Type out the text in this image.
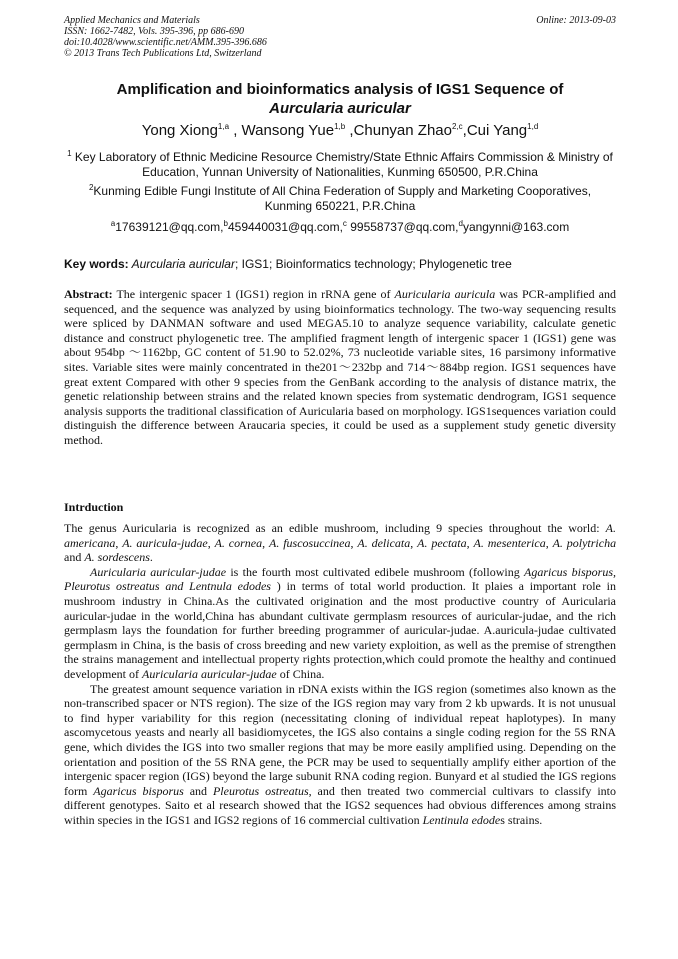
Applied Mechanics and Materials
ISSN: 1662-7482, Vols. 395-396, pp 686-690
doi:10.4028/www.scientific.net/AMM.395-396.686
© 2013 Trans Tech Publications Ltd, Switzerland
Online: 2013-09-03
Amplification and bioinformatics analysis of IGS1 Sequence of
Aurcularia auricular
Yong Xiong$^{1,a}$ , Wansong Yue$^{1,b}$ ,Chunyan Zhao$^{2,c}$,Cui Yang$^{1,d}$
$^1$ Key Laboratory of Ethnic Medicine Resource Chemistry/State Ethnic Affairs Commission & Ministry of Education, Yunnan University of Nationalities, Kunming 650500, P.R.China
$^2$Kunming Edible Fungi Institute of All China Federation of Supply and Marketing Cooporatives, Kunming 650221, P.R.China
$^a$17639121@qq.com,$^b$459440031@qq.com,$^c$ 99558737@qq.com,$^d$yangynni@163.com
Key words: Aurcularia auricular; IGS1; Bioinformatics technology; Phylogenetic tree

Abstract: The intergenic spacer 1 (IGS1) region in rRNA gene of Auricularia auricula was PCR-amplified and sequenced, and the sequence was analyzed by using bioinformatics technology. The two-way sequencing results were spliced by DANMAN software and used MEGA5.10 to analyze sequence variability, calculate genetic distance and construct phylogenetic tree. The amplified fragment length of intergenic spacer 1 (IGS1) gene was about 954bp ～1162bp, GC content of 51.90 to 52.02%, 73 nucleotide variable sites, 16 parsimony informative sites. Variable sites were mainly concentrated in the201～232bp and 714～884bp region. IGS1 sequences have great extent Compared with other 9 species from the GenBank according to the analysis of distance matrix, the genetic relationship between strains and the related known species from systematic dendrogram, IGS1 sequence analysis supports the traditional classification of Auricularia based on morphology. IGS1sequences variation could distinguish the difference between Araucaria species, it could be used as a supplement study genetic diversity method.

Intrduction

The genus Auricularia is recognized as an edible mushroom, including 9 species throughout the world: A. americana, A. auricula-judae, A. cornea, A. fuscosuccinea, A. delicata, A. pectata, A. mesenterica, A. polytricha and A. sordescens.

Auricularia auricular-judae is the fourth most cultivated edibele mushroom (following Agaricus bisporus, Pleurotus ostreatus and Lentnula edodes ) in terms of total world production. It plaies a important role in mushroom industry in China.As the cultivated origination and the most productive country of Auricularia auricular-judae in the world,China has abundant cultivate germplasm resources of auricular-judae, and the rich germplasm lays the foundation for further breeding programmer of auricular-judae. A.auricula-judae cultivated germplasm in China, is the basis of cross breeding and new variety exploition, as well as the premise of strengthen the strains management and intellectual property rights protection,which could promote the healthy and continued development of Auricularia auricular-judae of China.

The greatest amount sequence variation in rDNA exists within the IGS region (sometimes also known as the non-transcribed spacer or NTS region). The size of the IGS region may vary from 2 kb upwards. It is not unusual to find hyper variability for this region (necessitating cloning of individual repeat haplotypes). In many ascomycetous yeasts and nearly all basidiomycetes, the IGS also contains a single coding region for the 5S RNA gene, which divides the IGS into two smaller regions that may be more easily amplified using. Depending on the orientation and position of the 5S RNA gene, the PCR may be used to sequentially amplify either aportion of the intergenic spacer region (IGS) beyond the large subunit RNA coding region. Bunyard et al studied the IGS regions form Agaricus bisporus and Pleurotus ostreatus, and then treated two commercial cultivars to classify into different genotypes. Saito et al research showed that the IGS2 sequences had obvious differences among strains within species in the IGS1 and IGS2 regions of 16 commercial cultivation Lentinula edodes strains.
